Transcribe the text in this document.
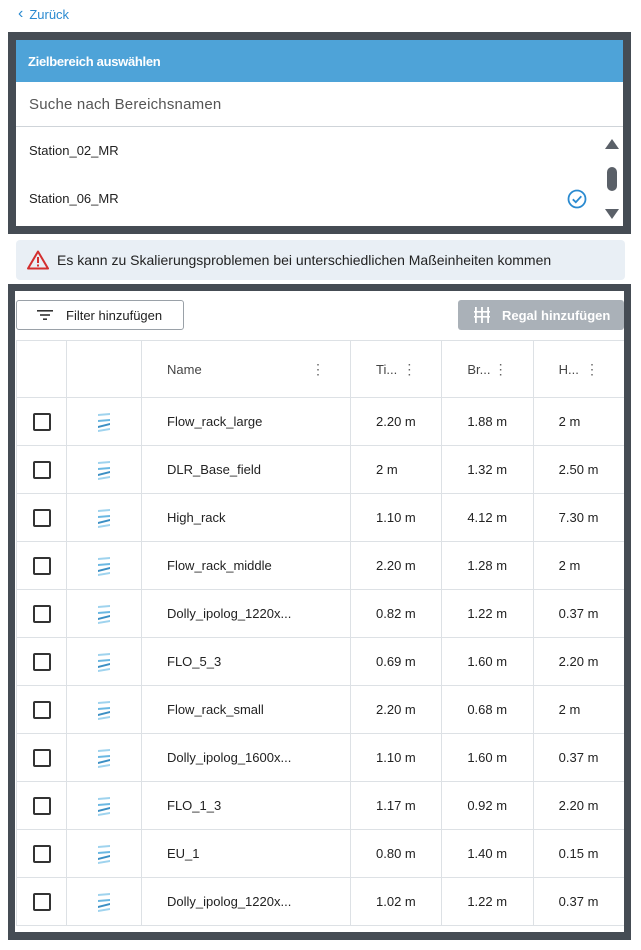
‹ Zurück
Zielbereich auswählen
Suche nach Bereichsnamen
Station_02_MR
Station_06_MR
Es kann zu Skalierungsproblemen bei unterschiedlichen Maßeinheiten kommen
Filter hinzufügen	Regal hinzufügen

		Name ⋮	Ti... ⋮	Br... ⋮	H... ⋮

		Flow_rack_large	2.20 m	1.88 m	2 m
		DLR_Base_field	2 m	1.32 m	2.50 m
		High_rack	1.10 m	4.12 m	7.30 m
		Flow_rack_middle	2.20 m	1.28 m	2 m
		Dolly_ipolog_1220x...	0.82 m	1.22 m	0.37 m
		FLO_5_3	0.69 m	1.60 m	2.20 m
		Flow_rack_small	2.20 m	0.68 m	2 m
		Dolly_ipolog_1600x...	1.10 m	1.60 m	0.37 m
		FLO_1_3	1.17 m	0.92 m	2.20 m
		EU_1	0.80 m	1.40 m	0.15 m
		Dolly_ipolog_1220x...	1.02 m	1.22 m	0.37 m
